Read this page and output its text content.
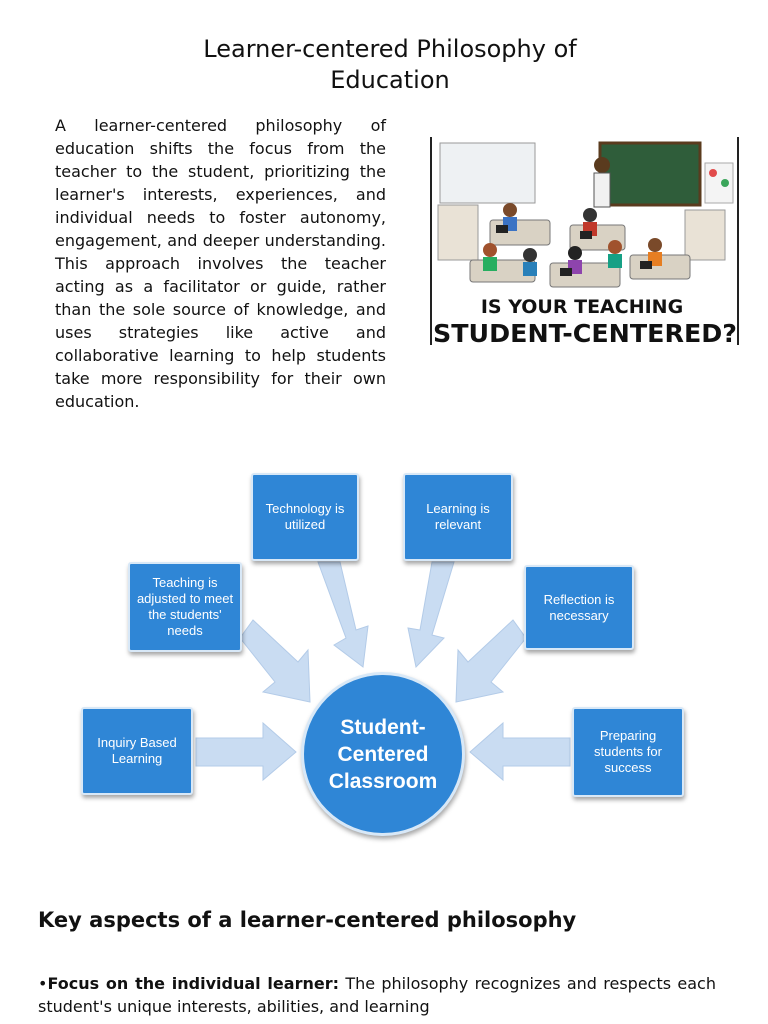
Learner-centered Philosophy of Education

A learner-centered philosophy of education shifts the focus from the teacher to the student, prioritizing the learner's interests, experiences, and individual needs to foster autonomy, engagement, and deeper understanding. This approach involves the teacher acting as a facilitator or guide, rather than the sole source of knowledge, and uses strategies like active and collaborative learning to help students take more responsibility for their own education.

IS YOUR TEACHING
STUDENT-CENTERED?
Technology is utilized
Learning is relevant
Teaching is adjusted to meet the students' needs
Reflection is necessary
Inquiry Based Learning
Preparing students for success
Student-Centered Classroom
Key aspects of a learner-centered philosophy

•Focus on the individual learner: The philosophy recognizes and respects each student's unique interests, abilities, and learning
